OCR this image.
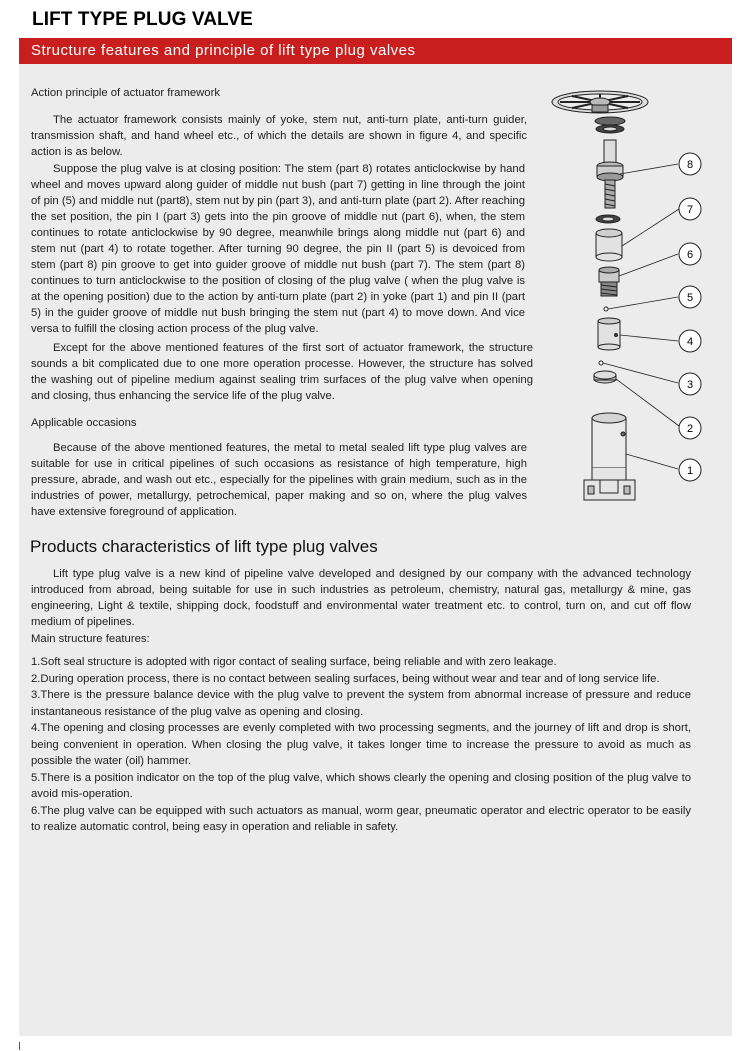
LIFT TYPE PLUG VALVE
Structure features and principle of lift type plug valves
Action principle of actuator framework

The actuator framework consists mainly of yoke, stem nut, anti-turn plate, anti-turn guider, transmission shaft, and hand wheel etc., of which the details are shown in figure 4, and specific action is as below.

Suppose the plug valve is at closing position: The stem (part 8) rotates anticlockwise by hand wheel and moves upward along guider of middle nut bush (part 7) getting in line through the joint of pin (5) and middle nut (part8), stem nut by pin (part 3), and anti-turn plate (part 2). After reaching the set position, the pin I (part 3) gets into the pin groove of middle nut (part 6), when, the stem continues to rotate anticlockwise by 90 degree, meanwhile brings along middle nut (part 6) and stem nut (part 4) to rotate together. After turning 90 degree, the pin II (part 5) is devoiced from stem (part 8) pin groove to get into guider groove of middle nut bush (part 7). The stem (part 8) continues to turn anticlockwise to the position of closing of the plug valve ( when the plug valve is at the opening position) due to the action by anti-turn plate (part 2) in yoke (part 1) and pin II (part 5) in the guider groove of middle nut bush bringing the stem nut (part 4) to move down. And vice versa to fulfill the closing action process of the plug valve.

Except for the above mentioned features of the first sort of actuator framework, the structure sounds a bit complicated due to one more operation processe. However, the structure has solved the washing out of pipeline medium against sealing trim surfaces of the plug valve when opening and closing, thus enhancing the service life of the plug valve.

Applicable occasions

Because of the above mentioned features, the metal to metal sealed lift type plug valves are suitable for use in critical pipelines of such occasions as resistance of high temperature, high pressure, abrade, and wash out etc., especially for the pipelines with grain medium, such as in the industries of power, metallurgy, petrochemical, paper making and so on, where the plug valves have extensive foreground of application.

Products characteristics of lift type plug valves

Lift type plug valve is a new kind of pipeline valve developed and designed by our company with the advanced technology introduced from abroad, being suitable for use in such industries as petroleum, chemistry, natural gas, metallurgy & mine, gas engineering, Light & textile, shipping dock, foodstuff and environmental water treatment etc. to control, turn on, and cut off flow medium of pipelines.

Main structure features:

1.Soft seal structure is adopted with rigor contact of sealing surface, being reliable and with zero leakage.

2.During operation process, there is no contact between sealing surfaces, being without wear and tear and of long service life.

3.There is the pressure balance device with the plug valve to prevent the system from abnormal increase of pressure and reduce instantaneous resistance of the plug valve as opening and closing.

4.The opening and closing processes are evenly completed with two processing segments, and the journey of lift and drop is short, being convenient in operation. When closing the plug valve, it takes longer time to increase the pressure to avoid as much as possible the water (oil) hammer.

5.There is a position indicator on the top of the plug valve, which shows clearly the opening and closing position of the plug valve to avoid mis-operation.

6.The plug valve can be equipped with such actuators as manual, worm gear, pneumatic operator and electric operator to be easily to realize automatic control, being easy in operation and reliable in safety.

8
7
6
5
4
3
2
1
